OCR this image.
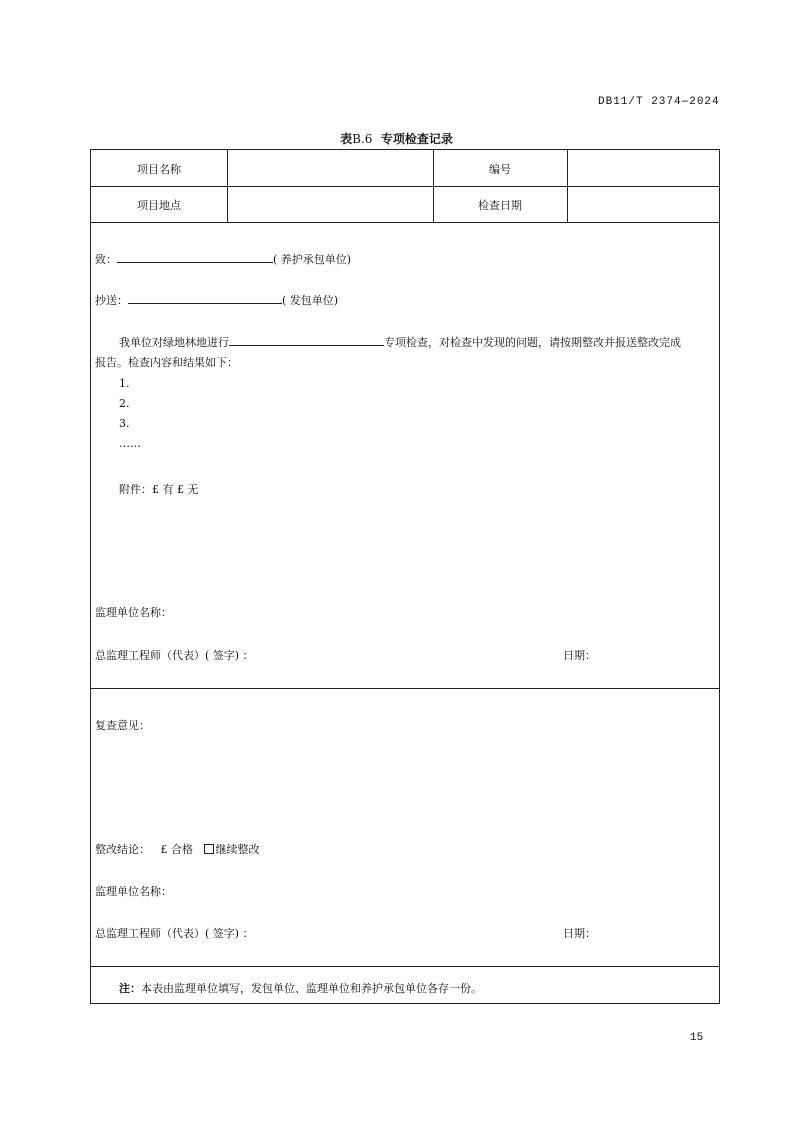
DB11/T 2374—2024
表B.6 专项检查记录
项目名称	编号
项目地点	检查日期
致：	( 养护承包单位)
抄送：	( 发包单位)
我单位对绿地林地进行	专项检查，对检查中发现的问题，请按期整改并报送整改完成
报告。检查内容和结果如下：
1.
2.
3.
……
附件：£ 有 £ 无
监理单位名称：
总监理工程师（代表）( 签字) ：	日期：
复查意见：
整改结论： £ 合格 继续整改
监理单位名称：
总监理工程师（代表）( 签字) ：	日期：
注：本表由监理单位填写，发包单位、监理单位和养护承包单位各存一份。
15
